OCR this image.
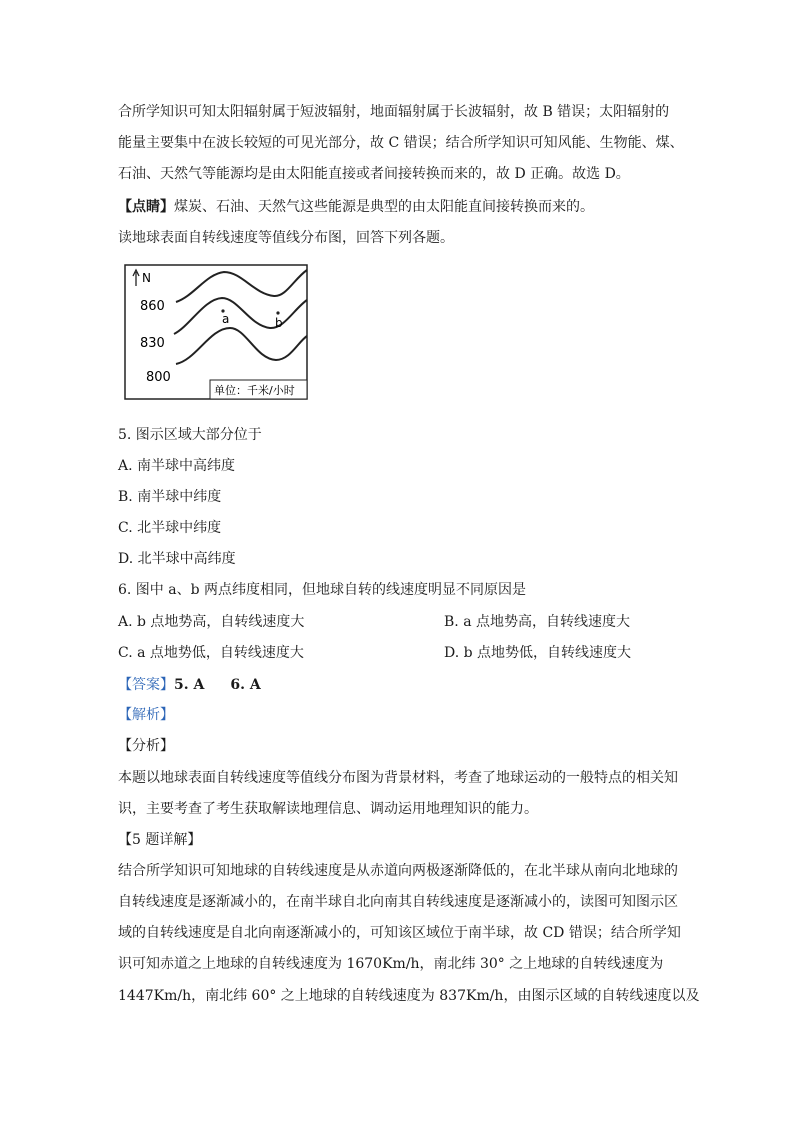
合所学知识可知太阳辐射属于短波辐射，地面辐射属于长波辐射，故 B 错误；太阳辐射的
能量主要集中在波长较短的可见光部分，故 C 错误；结合所学知识可知风能、生物能、煤、
石油、天然气等能源均是由太阳能直接或者间接转换而来的，故 D 正确。故选 D。
【点睛】煤炭、石油、天然气这些能源是典型的由太阳能直间接转换而来的。
读地球表面自转线速度等值线分布图，回答下列各题。
N
860
830
800
a	b
单位：千米/小时
5. 图示区域大部分位于
A. 南半球中高纬度
B. 南半球中纬度
C. 北半球中纬度
D. 北半球中高纬度
6. 图中 a、b 两点纬度相同，但地球自转的线速度明显不同原因是
A. b 点地势高，自转线速度大	B. a 点地势高，自转线速度大
C. a 点地势低，自转线速度大	D. b 点地势低，自转线速度大
【答案】5. A 6. A
【解析】
【分析】
本题以地球表面自转线速度等值线分布图为背景材料，考查了地球运动的一般特点的相关知
识，主要考查了考生获取解读地理信息、调动运用地理知识的能力。
【5 题详解】
结合所学知识可知地球的自转线速度是从赤道向两极逐渐降低的，在北半球从南向北地球的
自转线速度是逐渐减小的，在南半球自北向南其自转线速度是逐渐减小的，读图可知图示区
域的自转线速度是自北向南逐渐减小的，可知该区域位于南半球，故 CD 错误；结合所学知
识可知赤道之上地球的自转线速度为 1670Km/h，南北纬 30° 之上地球的自转线速度为
1447Km/h，南北纬 60° 之上地球的自转线速度为 837Km/h，由图示区域的自转线速度以及
